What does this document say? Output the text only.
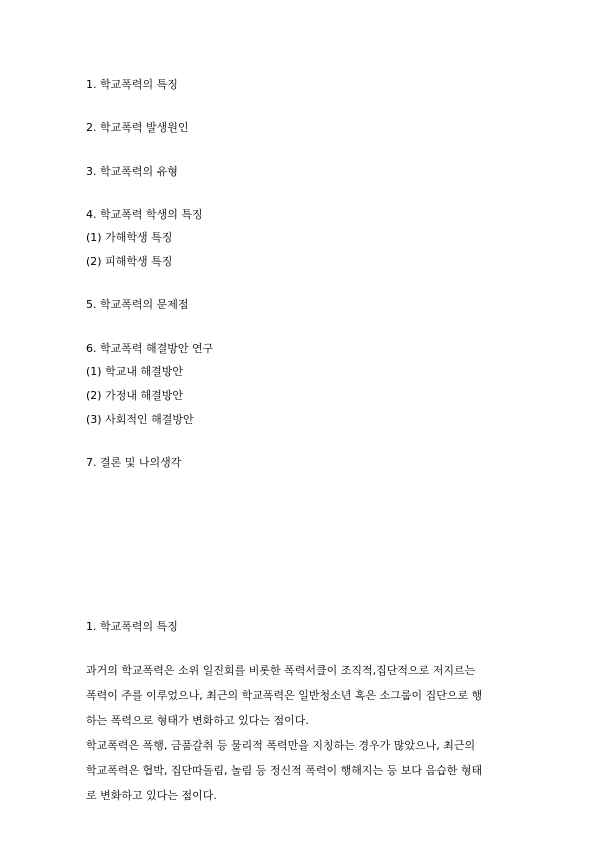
1. 학교폭력의 특징
2. 학교폭력 발생원인
3. 학교폭력의 유형
4. 학교폭력 학생의 특징
(1) 가해학생 특징
(2) 피해학생 특징
5. 학교폭력의 문제점
6. 학교폭력 해결방안 연구
(1) 학교내 해결방안
(2) 가정내 해결방안
(3) 사회적인 해결방안
7. 결론 및 나의생각
1. 학교폭력의 특징
과거의 학교폭력은 소위 일진회를 비롯한 폭력서클이 조직적,집단적으로 저지르는
폭력이 주를 이루었으나, 최근의 학교폭력은 일반청소년 혹은 소그룹이 집단으로 행
하는 폭력으로 형태가 변화하고 있다는 점이다.
학교폭력은 폭행, 금품갈취 등 물리적 폭력만을 지칭하는 경우가 많았으나, 최근의
학교폭력은 협박, 집단따돌림, 놀림 등 정신적 폭력이 행해지는 등 보다 음습한 형태
로 변화하고 있다는 점이다.
